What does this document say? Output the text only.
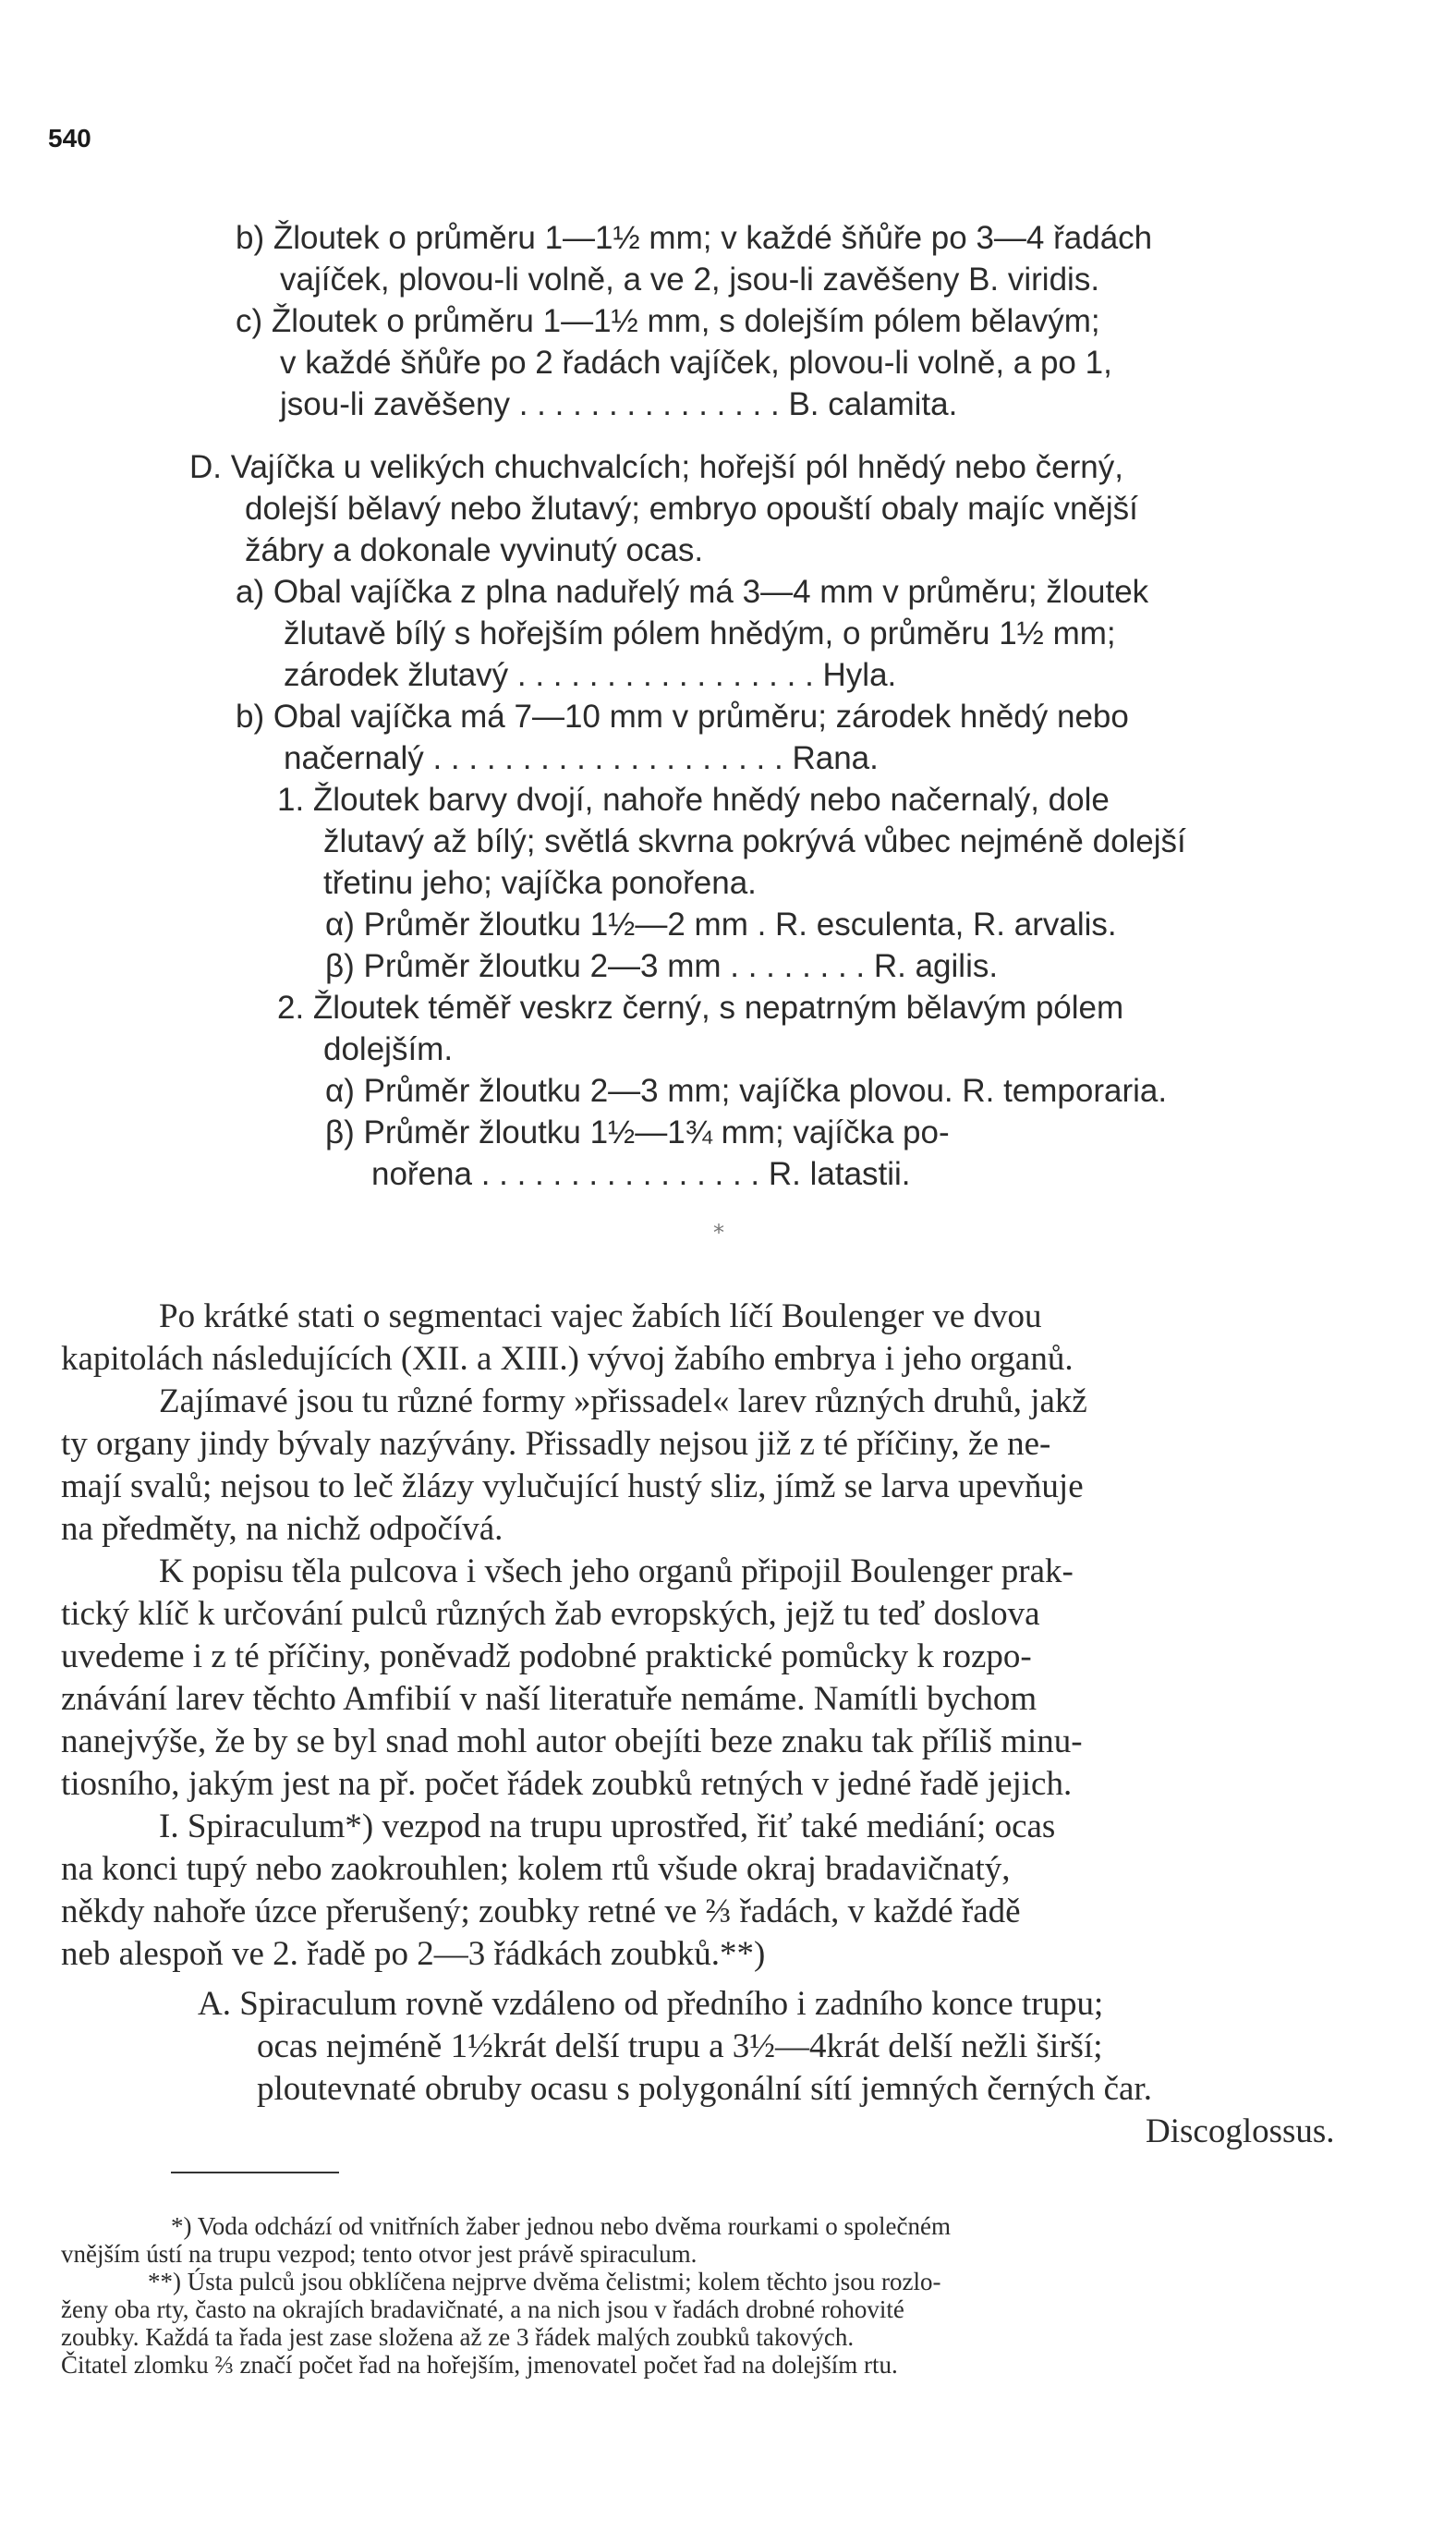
540
b) Žloutek o průměru 1—1½ mm; v každé šňůře po 3—4 řadách
vajíček, plovou-li volně, a ve 2, jsou-li zavěšeny B. viridis.
c) Žloutek o průměru 1—1½ mm, s dolejším pólem bělavým;
v každé šňůře po 2 řadách vajíček, plovou-li volně, a po 1,
jsou-li zavěšeny . . . . . . . . . . . . . . . B. calamita.
D. Vajíčka u velikých chuchvalcích; hořejší pól hnědý nebo černý,
dolejší bělavý nebo žlutavý; embryo opouští obaly majíc vnější
žábry a dokonale vyvinutý ocas.
a) Obal vajíčka z plna naduřelý má 3—4 mm v průměru; žloutek
žlutavě bílý s hořejším pólem hnědým, o průměru 1½ mm;
zárodek žlutavý . . . . . . . . . . . . . . . . . Hyla.
b) Obal vajíčka má 7—10 mm v průměru; zárodek hnědý nebo
načernalý . . . . . . . . . . . . . . . . . . . . Rana.
1. Žloutek barvy dvojí, nahoře hnědý nebo načernalý, dole
žlutavý až bílý; světlá skvrna pokrývá vůbec nejméně dolejší
třetinu jeho; vajíčka ponořena.
α) Průměr žloutku 1½—2 mm . R. esculenta, R. arvalis.
β) Průměr žloutku 2—3 mm . . . . . . . . R. agilis.
2. Žloutek téměř veskrz černý, s nepatrným bělavým pólem
dolejším.
α) Průměr žloutku 2—3 mm; vajíčka plovou. R. temporaria.
β) Průměr žloutku 1½—1¾ mm; vajíčka po-
nořena . . . . . . . . . . . . . . . . R. latastii.
*
Po krátké stati o segmentaci vajec žabích líčí Boulenger ve dvou
kapitolách následujících (XII. a XIII.) vývoj žabího embrya i jeho organů.
Zajímavé jsou tu různé formy »přissadel« larev různých druhů, jakž
ty organy jindy bývaly nazývány. Přissadly nejsou již z té příčiny, že ne-
mají svalů; nejsou to leč žlázy vylučující hustý sliz, jímž se larva upevňuje
na předměty, na nichž odpočívá.
K popisu těla pulcova i všech jeho organů připojil Boulenger prak-
tický klíč k určování pulců různých žab evropských, jejž tu teď doslova
uvedeme i z té příčiny, poněvadž podobné praktické pomůcky k rozpo-
znávání larev těchto Amfibií v naší literatuře nemáme. Namítli bychom
nanejvýše, že by se byl snad mohl autor obejíti beze znaku tak příliš minu-
tiosního, jakým jest na př. počet řádek zoubků retných v jedné řadě jejich.
I. Spiraculum*) vezpod na trupu uprostřed, řiť také mediání; ocas
na konci tupý nebo zaokrouhlen; kolem rtů všude okraj bradavičnatý,
někdy nahoře úzce přerušený; zoubky retné ve ⅔ řadách, v každé řadě
neb alespoň ve 2. řadě po 2—3 řádkách zoubků.**)
A. Spiraculum rovně vzdáleno od předního i zadního konce trupu;
ocas nejméně 1½krát delší trupu a 3½—4krát delší nežli širší;
ploutevnaté obruby ocasu s polygonální sítí jemných černých čar.
Discoglossus.
*) Voda odchází od vnitřních žaber jednou nebo dvěma rourkami o společném
vnějším ústí na trupu vezpod; tento otvor jest právě spiraculum.
**) Ústa pulců jsou obklíčena nejprve dvěma čelistmi; kolem těchto jsou rozlo-
ženy oba rty, často na okrajích bradavičnaté, a na nich jsou v řadách drobné rohovité
zoubky. Každá ta řada jest zase složena až ze 3 řádek malých zoubků takových.
Čitatel zlomku ⅔ značí počet řad na hořejším, jmenovatel počet řad na dolejším rtu.
